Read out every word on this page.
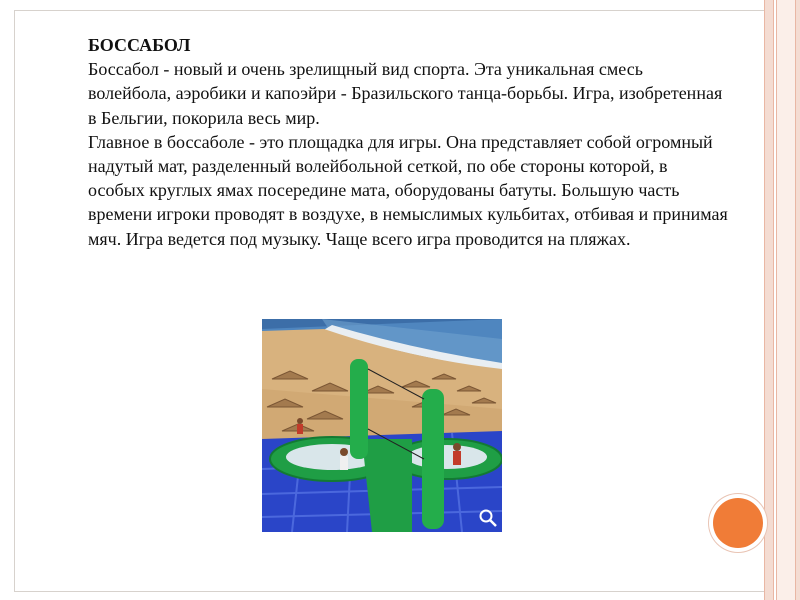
БОССАБОЛ

Боссабол - новый и очень зрелищный вид спорта. Эта уникальная смесь волейбола, аэробики и капоэйри - Бразильского танца-борьбы. Игра, изобретенная в Бельгии, покорила весь мир.

Главное в боссаболе - это площадка для игры. Она представляет собой огромный надутый мат, разделенный волейбольной сеткой, по обе стороны которой, в особых круглых ямах посередине мата, оборудованы батуты. Большую часть времени игроки проводят в воздухе, в немыслимых кульбитах, отбивая и принимая мяч. Игра ведется под музыку. Чаще всего игра проводится на пляжах.
